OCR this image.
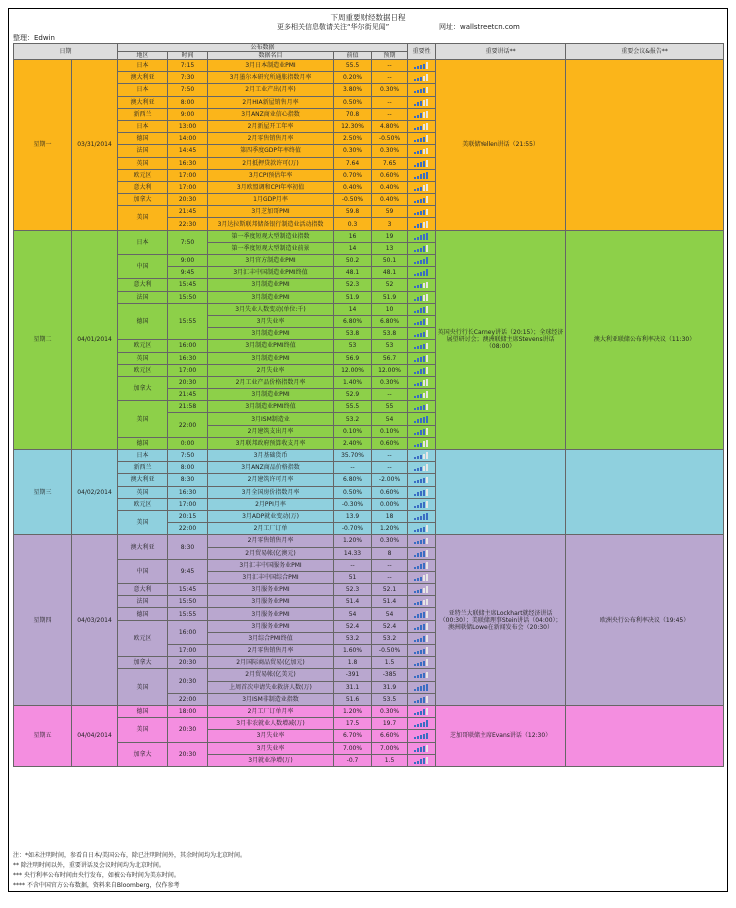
下周重要财经数据日程
更多相关信息敬请关注“华尔街见闻”	网址：wallstreetcn.com
整理：Edwin
日期		公布数据					重要性	重要讲话**	重要会议&报告**
		地区	时间	数据名目	前值	预期			
星期一	03/31/2014	日本	7:15	3月日本制造业PMI	55.5	--		美联储Yellen讲话（21:55）	
		澳大利亚	7:30	3月墨尔本研究所通胀指数月率	0.20%	--			
		日本	7:50	2月工业产出(月率)	3.80%	0.30%			
		澳大利亚	8:00	2月HIA新屋销售月率	0.50%	--			
		新西兰	9:00	3月ANZ商业信心指数	70.8	--			
		日本	13:00	2月新屋开工年率	12.30%	4.80%			
		德国	14:00	2月零售销售月率	2.50%	-0.50%			
		法国	14:45	第四季度GDP年率终值	0.30%	0.30%			
		英国	16:30	2月抵押贷款许可(万)	7.64	7.65			
		欧元区	17:00	3月CPI预估年率	0.70%	0.60%			
		意大利	17:00	3月欧盟调和CPI年率初值	0.40%	0.40%			
		加拿大	20:30	1月GDP月率	-0.50%	0.40%			
		美国	21:45	3月芝加哥PMI	59.8	59			
			22:30	3月达拉斯联邦储备银行制造业活动指数	0.3	3			
星期二	04/01/2014	日本	7:50	第一季度短观大型制造业指数	16	19		英国央行行长Carney讲话（20:15）；全球经济展望研讨会；澳洲联储主席Stevens讲话（08:00）	澳大利亚联储公布利率决议（11:30）
				第一季度短观大型制造业前景	14	13			
		中国	9:00	3月官方制造业PMI	50.2	50.1			
			9:45	3月汇丰中国制造业PMI终值	48.1	48.1			
		意大利	15:45	3月制造业PMI	52.3	52			
		法国	15:50	3月制造业PMI	51.9	51.9			
		德国	15:55	3月失业人数变动(单位:千)	14	10			
				3月失业率	6.80%	6.80%			
				3月制造业PMI	53.8	53.8			
		欧元区	16:00	3月制造业PMI终值	53	53			
		英国	16:30	3月制造业PMI	56.9	56.7			
		欧元区	17:00	2月失业率	12.00%	12.00%			
		加拿大	20:30	2月工业产品价格指数月率	1.40%	0.30%			
			21:45	3月制造业PMI	52.9	--			
		美国	21:58	3月制造业PMI终值	55.5	55			
			22:00	3月ISM制造业	53.2	54			
				2月建筑支出月率	0.10%	0.10%			
		德国	0:00	3月联邦政府预算收支月率	2.40%	0.60%			
星期三	04/02/2014	日本	7:50	3月基础货币	35.70%	--			
		新西兰	8:00	3月ANZ商品价格指数	--	--			
		澳大利亚	8:30	2月建筑许可月率	6.80%	-2.00%			
		英国	16:30	3月全国房价指数月率	0.50%	0.60%			
		欧元区	17:00	2月PPI月率	-0.30%	0.00%			
		美国	20:15	3月ADP就业变动(万)	13.9	18			
			22:00	2月工厂订单	-0.70%	1.20%			
星期四	04/03/2014	澳大利亚	8:30	2月零售销售月率	1.20%	0.30%		亚特兰大联储主席Lockhart就经济讲话（00:30）；美联储理事Stein讲话（04:00）；澳洲联储Lowe在新闻发布会（20:30）	欧洲央行公布利率决议（19:45）
				2月贸易帐(亿澳元)	14.33	8			
		中国	9:45	3月汇丰中国服务业PMI	--	--			
				3月汇丰中国综合PMI	51	--			
		意大利	15:45	3月服务业PMI	52.3	52.1			
		法国	15:50	3月服务业PMI	51.4	51.4			
		德国	15:55	3月服务业PMI	54	54			
		欧元区	16:00	3月服务业PMI	52.4	52.4			
				3月综合PMI终值	53.2	53.2			
			17:00	2月零售销售月率	1.60%	-0.50%			
		加拿大	20:30	2月国际商品贸易(亿加元)	1.8	1.5			
		美国	20:30	2月贸易帐(亿美元)	-391	-385			
				上周首次申请失业救济人数(万)	31.1	31.9			
			22:00	3月ISM非制造业指数	51.6	53.5			
星期五	04/04/2014	德国	18:00	2月工厂订单月率	1.20%	0.30%		芝加哥联储主席Evans讲话（12:30）	
		美国	20:30	3月非农就业人数增减(万)	17.5	19.7			
				3月失业率	6.70%	6.60%			
		加拿大	20:30	3月失业率	7.00%	7.00%			
				3月就业净增(万)	-0.7	1.5			
注：*如未注明时间，参看自日本/美国公布，除已注明时间外，其余时间均为北京时间。
** 除注明时间以外，重要讲话及会议时间均为北京时间。
*** 央行利率公布时间由央行发布，如被公布时间为美东时间。
**** 不含中国官方公布数据，资料来自Bloomberg，仅作参考
